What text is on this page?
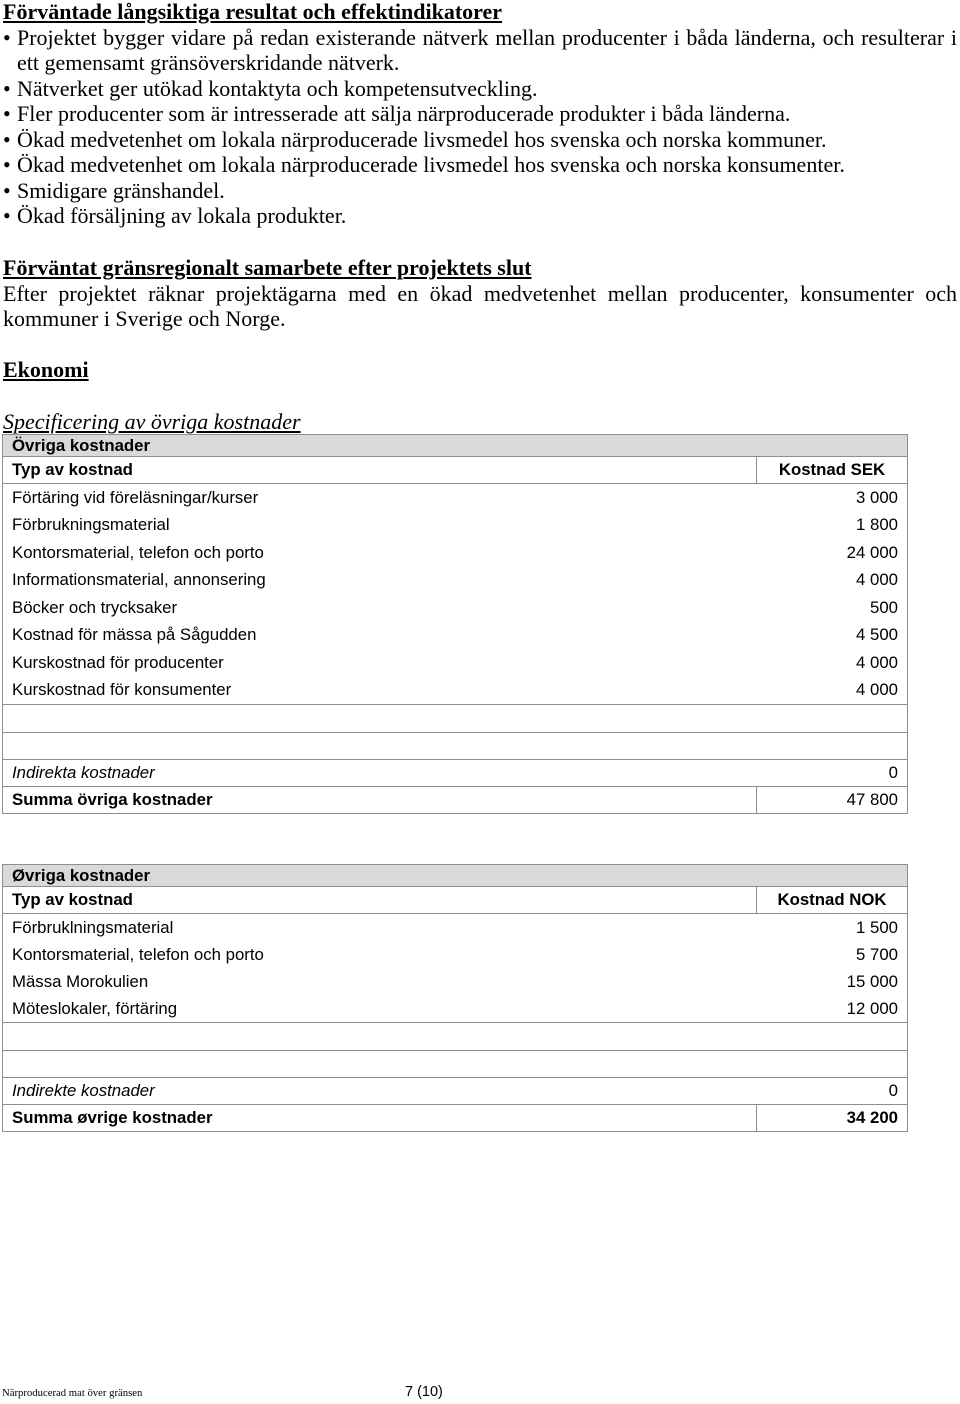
Förväntade långsiktiga resultat och effektindikatorer

•
Projektet bygger vidare på redan existerande nätverk mellan producenter i båda länderna, och resulterar i ett gemensamt gränsöverskridande nätverk.
•
Nätverket ger utökad kontaktyta och kompetensutveckling.
•
Fler producenter som är intresserade att sälja närproducerade produkter i båda länderna.
•
Ökad medvetenhet om lokala närproducerade livsmedel hos svenska och norska kommuner.
•
Ökad medvetenhet om lokala närproducerade livsmedel hos svenska och norska konsumenter.
•
Smidigare gränshandel.
•
Ökad försäljning av lokala produkter.

Förväntat gränsregionalt samarbete efter projektets slut

Efter projektet räknar projektägarna med en ökad medvetenhet mellan producenter, konsumenter och kommuner i Sverige och Norge.

Ekonomi

Specificering av övriga kostnader

Övriga kostnader
Typ av kostnad	Kostnad SEK
Förtäring vid föreläsningar/kurser	3 000
Förbrukningsmaterial	1 800
Kontorsmaterial, telefon och porto	24 000
Informationsmaterial, annonsering	4 000
Böcker och trycksaker	500
Kostnad för mässa på Sågudden	4 500
Kurskostnad för producenter	4 000
Kurskostnad för konsumenter	4 000
Indirekta kostnader	0
Summa övriga kostnader	47 800
Øvriga kostnader
Typ av kostnad	Kostnad NOK
Förbruklningsmaterial	1 500
Kontorsmaterial, telefon och porto	5 700
Mässa Morokulien	15 000
Möteslokaler, förtäring	12 000
Indirekte kostnader	0
Summa øvrige kostnader	34 200
Närproducerad mat över gränsen	7 (10)
